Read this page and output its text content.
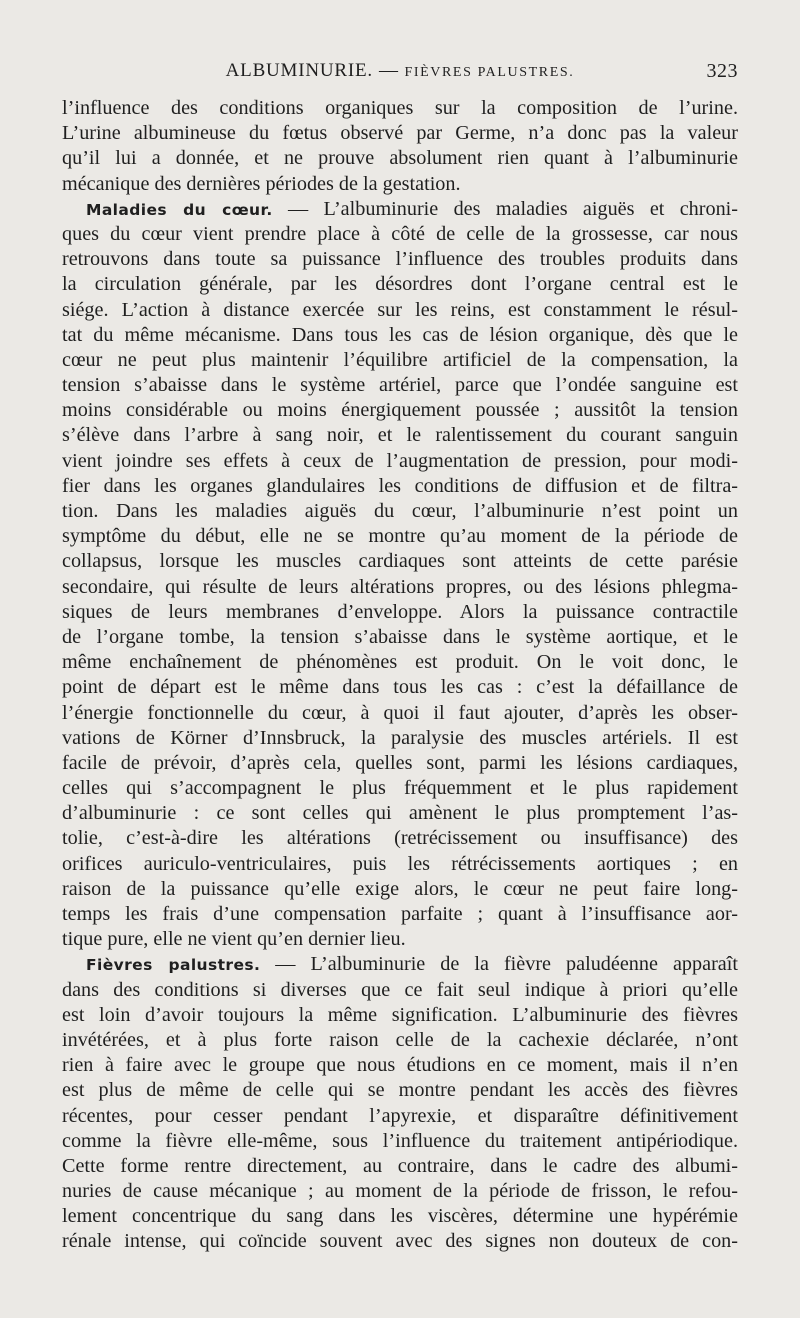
ALBUMINURIE. — FIÈVRES PALUSTRES.	323
l’influence des conditions organiques sur la composition de l’urine.
L’urine albumineuse du fœtus observé par Germe, n’a donc pas la valeur
qu’il lui a donnée, et ne prouve absolument rien quant à l’albuminurie
mécanique des dernières périodes de la gestation.
Maladies du cœur. — L’albuminurie des maladies aiguës et chroni-
ques du cœur vient prendre place à côté de celle de la grossesse, car nous
retrouvons dans toute sa puissance l’influence des troubles produits dans
la circulation générale, par les désordres dont l’organe central est le
siége. L’action à distance exercée sur les reins, est constamment le résul-
tat du même mécanisme. Dans tous les cas de lésion organique, dès que le
cœur ne peut plus maintenir l’équilibre artificiel de la compensation, la
tension s’abaisse dans le système artériel, parce que l’ondée sanguine est
moins considérable ou moins énergiquement poussée ; aussitôt la tension
s’élève dans l’arbre à sang noir, et le ralentissement du courant sanguin
vient joindre ses effets à ceux de l’augmentation de pression, pour modi-
fier dans les organes glandulaires les conditions de diffusion et de filtra-
tion. Dans les maladies aiguës du cœur, l’albuminurie n’est point un
symptôme du début, elle ne se montre qu’au moment de la période de
collapsus, lorsque les muscles cardiaques sont atteints de cette parésie
secondaire, qui résulte de leurs altérations propres, ou des lésions phlegma-
siques de leurs membranes d’enveloppe. Alors la puissance contractile
de l’organe tombe, la tension s’abaisse dans le système aortique, et le
même enchaînement de phénomènes est produit. On le voit donc, le
point de départ est le même dans tous les cas : c’est la défaillance de
l’énergie fonctionnelle du cœur, à quoi il faut ajouter, d’après les obser-
vations de Körner d’Innsbruck, la paralysie des muscles artériels. Il est
facile de prévoir, d’après cela, quelles sont, parmi les lésions cardiaques,
celles qui s’accompagnent le plus fréquemment et le plus rapidement
d’albuminurie : ce sont celles qui amènent le plus promptement l’as-
tolie, c’est-à-dire les altérations (retrécissement ou insuffisance) des
orifices auriculo-ventriculaires, puis les rétrécissements aortiques ; en
raison de la puissance qu’elle exige alors, le cœur ne peut faire long-
temps les frais d’une compensation parfaite ; quant à l’insuffisance aor-
tique pure, elle ne vient qu’en dernier lieu.
Fièvres palustres. — L’albuminurie de la fièvre paludéenne apparaît
dans des conditions si diverses que ce fait seul indique à priori qu’elle
est loin d’avoir toujours la même signification. L’albuminurie des fièvres
invétérées, et à plus forte raison celle de la cachexie déclarée, n’ont
rien à faire avec le groupe que nous étudions en ce moment, mais il n’en
est plus de même de celle qui se montre pendant les accès des fièvres
récentes, pour cesser pendant l’apyrexie, et disparaître définitivement
comme la fièvre elle-même, sous l’influence du traitement antipériodique.
Cette forme rentre directement, au contraire, dans le cadre des albumi-
nuries de cause mécanique ; au moment de la période de frisson, le refou-
lement concentrique du sang dans les viscères, détermine une hypérémie
rénale intense, qui coïncide souvent avec des signes non douteux de con-
